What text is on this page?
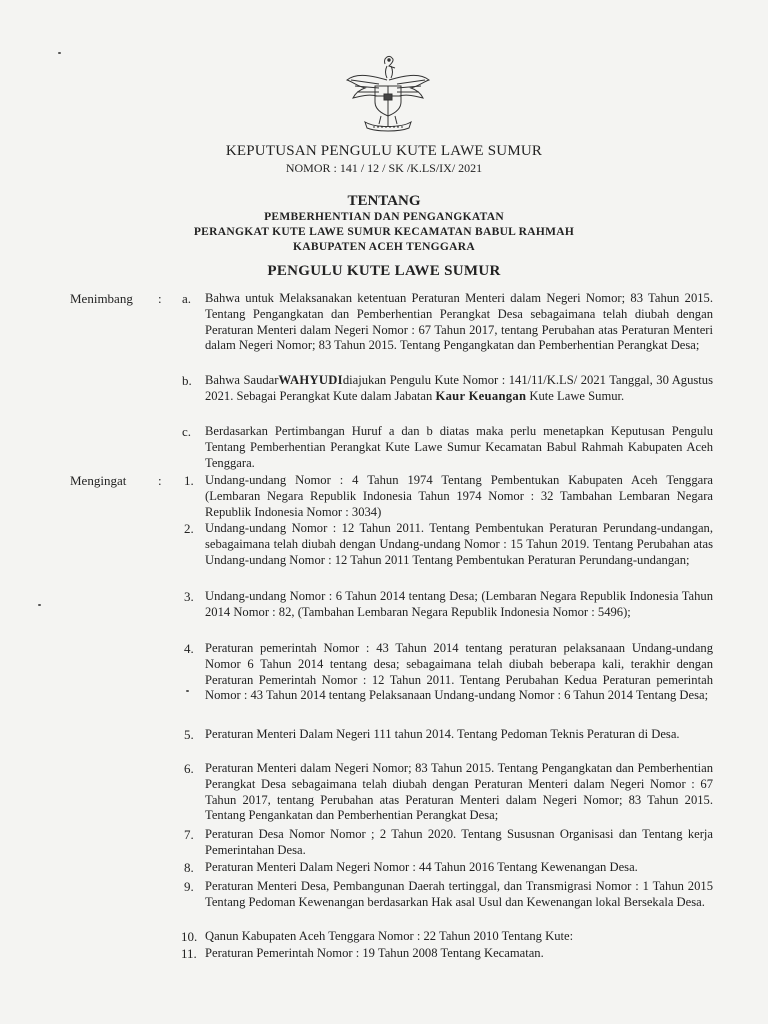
KEPUTUSAN PENGULU KUTE LAWE SUMUR
NOMOR : 141 / 12 / SK /K.LS/IX/ 2021
TENTANG
PEMBERHENTIAN DAN PENGANGKATAN
PERANGKAT KUTE LAWE SUMUR KECAMATAN BABUL RAHMAH
KABUPATEN ACEH TENGGARA
PENGULU KUTE LAWE SUMUR
Menimbang : a. Bahwa untuk Melaksanakan ketentuan Peraturan Menteri dalam Negeri Nomor; 83 Tahun 2015. Tentang Pengangkatan dan Pemberhentian Perangkat Desa sebagaimana telah diubah dengan Peraturan Menteri dalam Negeri Nomor : 67 Tahun 2017, tentang Perubahan atas Peraturan Menteri dalam Negeri Nomor; 83 Tahun 2015. Tentang Pengangkatan dan Pemberhentian Perangkat Desa;
b. Bahwa SaudarWAHYUDIdiajukan Pengulu Kute Nomor : 141/11/K.LS/ 2021 Tanggal, 30 Agustus 2021. Sebagai Perangkat Kute dalam Jabatan Kaur Keuangan Kute Lawe Sumur.
c. Berdasarkan Pertimbangan Huruf a dan b diatas maka perlu menetapkan Keputusan Pengulu Tentang Pemberhentian Perangkat Kute Lawe Sumur Kecamatan Babul Rahmah Kabupaten Aceh Tenggara.
Mengingat : 1. Undang-undang Nomor : 4 Tahun 1974 Tentang Pembentukan Kabupaten Aceh Tenggara (Lembaran Negara Republik Indonesia Tahun 1974 Nomor : 32 Tambahan Lembaran Negara Republik Indonesia Nomor : 3034)
2. Undang-undang Nomor : 12 Tahun 2011. Tentang Pembentukan Peraturan Perundang-undangan, sebagaimana telah diubah dengan Undang-undang Nomor : 15 Tahun 2019. Tentang Perubahan atas Undang-undang Nomor : 12 Tahun 2011 Tentang Pembentukan Peraturan Perundang-undangan;
3. Undang-undang Nomor : 6 Tahun 2014 tentang Desa; (Lembaran Negara Republik Indonesia Tahun 2014 Nomor : 82, (Tambahan Lembaran Negara Republik Indonesia Nomor : 5496);
4. Peraturan pemerintah Nomor : 43 Tahun 2014 tentang peraturan pelaksanaan Undang-undang Nomor 6 Tahun 2014 tentang desa; sebagaimana telah diubah beberapa kali, terakhir dengan Peraturan Pemerintah Nomor : 12 Tahun 2011. Tentang Perubahan Kedua Peraturan pemerintah Nomor : 43 Tahun 2014 tentang Pelaksanaan Undang-undang Nomor : 6 Tahun 2014 Tentang Desa;
5. Peraturan Menteri Dalam Negeri 111 tahun 2014. Tentang Pedoman Teknis Peraturan di Desa.
6. Peraturan Menteri dalam Negeri Nomor; 83 Tahun 2015. Tentang Pengangkatan dan Pemberhentian Perangkat Desa sebagaimana telah diubah dengan Peraturan Menteri dalam Negeri Nomor : 67 Tahun 2017, tentang Perubahan atas Peraturan Menteri dalam Negeri Nomor; 83 Tahun 2015. Tentang Pengankatan dan Pemberhentian Perangkat Desa;
7. Peraturan Desa Nomor Nomor ; 2 Tahun 2020. Tentang Sususnan Organisasi dan Tentang kerja Pemerintahan Desa.
8. Peraturan Menteri Dalam Negeri Nomor : 44 Tahun 2016 Tentang Kewenangan Desa.
9. Peraturan Menteri Desa, Pembangunan Daerah tertinggal, dan Transmigrasi Nomor : 1 Tahun 2015 Tentang Pedoman Kewenangan berdasarkan Hak asal Usul dan Kewenangan lokal Bersekala Desa.
10. Qanun Kabupaten Aceh Tenggara Nomor : 22 Tahun 2010 Tentang Kute:
11. Peraturan Pemerintah Nomor : 19 Tahun 2008 Tentang Kecamatan.
